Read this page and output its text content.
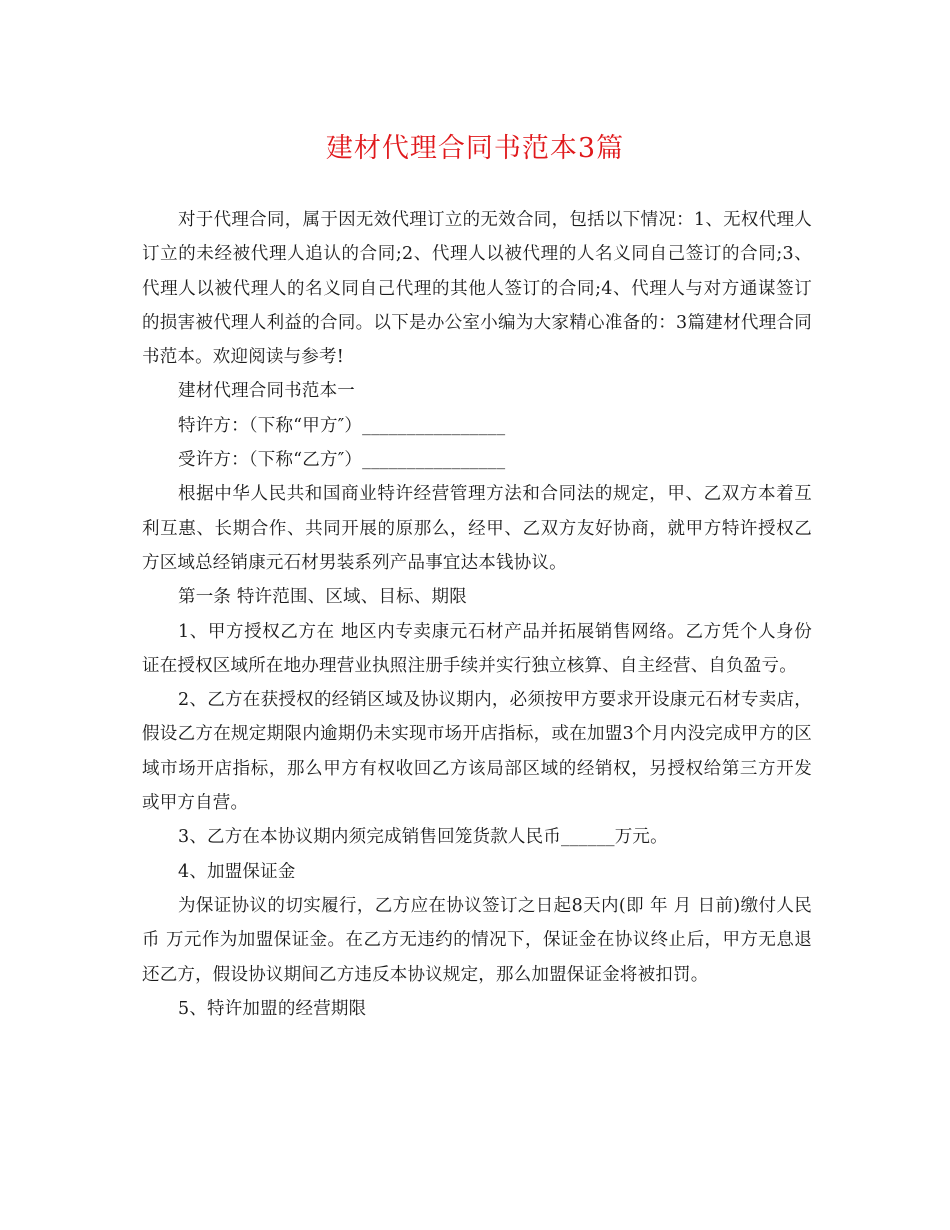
建材代理合同书范本3篇

对于代理合同，属于因无效代理订立的无效合同，包括以下情况：1、无权代理人订立的未经被代理人追认的合同;2、代理人以被代理的人名义同自己签订的合同;3、代理人以被代理人的名义同自己代理的其他人签订的合同;4、代理人与对方通谋签订的损害被代理人利益的合同。以下是办公室小编为大家精心准备的：3篇建材代理合同书范本。欢迎阅读与参考!

建材代理合同书范本一

特许方：（下称“甲方″）________________

受许方：（下称“乙方″）________________

根据中华人民共和国商业特许经营管理方法和合同法的规定，甲、乙双方本着互利互惠、长期合作、共同开展的原那么，经甲、乙双方友好协商，就甲方特许授权乙方区域总经销康元石材男装系列产品事宜达本钱协议。

第一条 特许范围、区域、目标、期限

1、甲方授权乙方在 地区内专卖康元石材产品并拓展销售网络。乙方凭个人身份证在授权区域所在地办理营业执照注册手续并实行独立核算、自主经营、自负盈亏。

2、乙方在获授权的经销区域及协议期内，必须按甲方要求开设康元石材专卖店，假设乙方在规定期限内逾期仍未实现市场开店指标，或在加盟3个月内没完成甲方的区域市场开店指标，那么甲方有权收回乙方该局部区域的经销权，另授权给第三方开发或甲方自营。

3、乙方在本协议期内须完成销售回笼货款人民币______万元。

4、加盟保证金

为保证协议的切实履行，乙方应在协议签订之日起8天内(即 年 月 日前)缴付人民币 万元作为加盟保证金。在乙方无违约的情况下，保证金在协议终止后，甲方无息退还乙方，假设协议期间乙方违反本协议规定，那么加盟保证金将被扣罚。

5、特许加盟的经营期限
